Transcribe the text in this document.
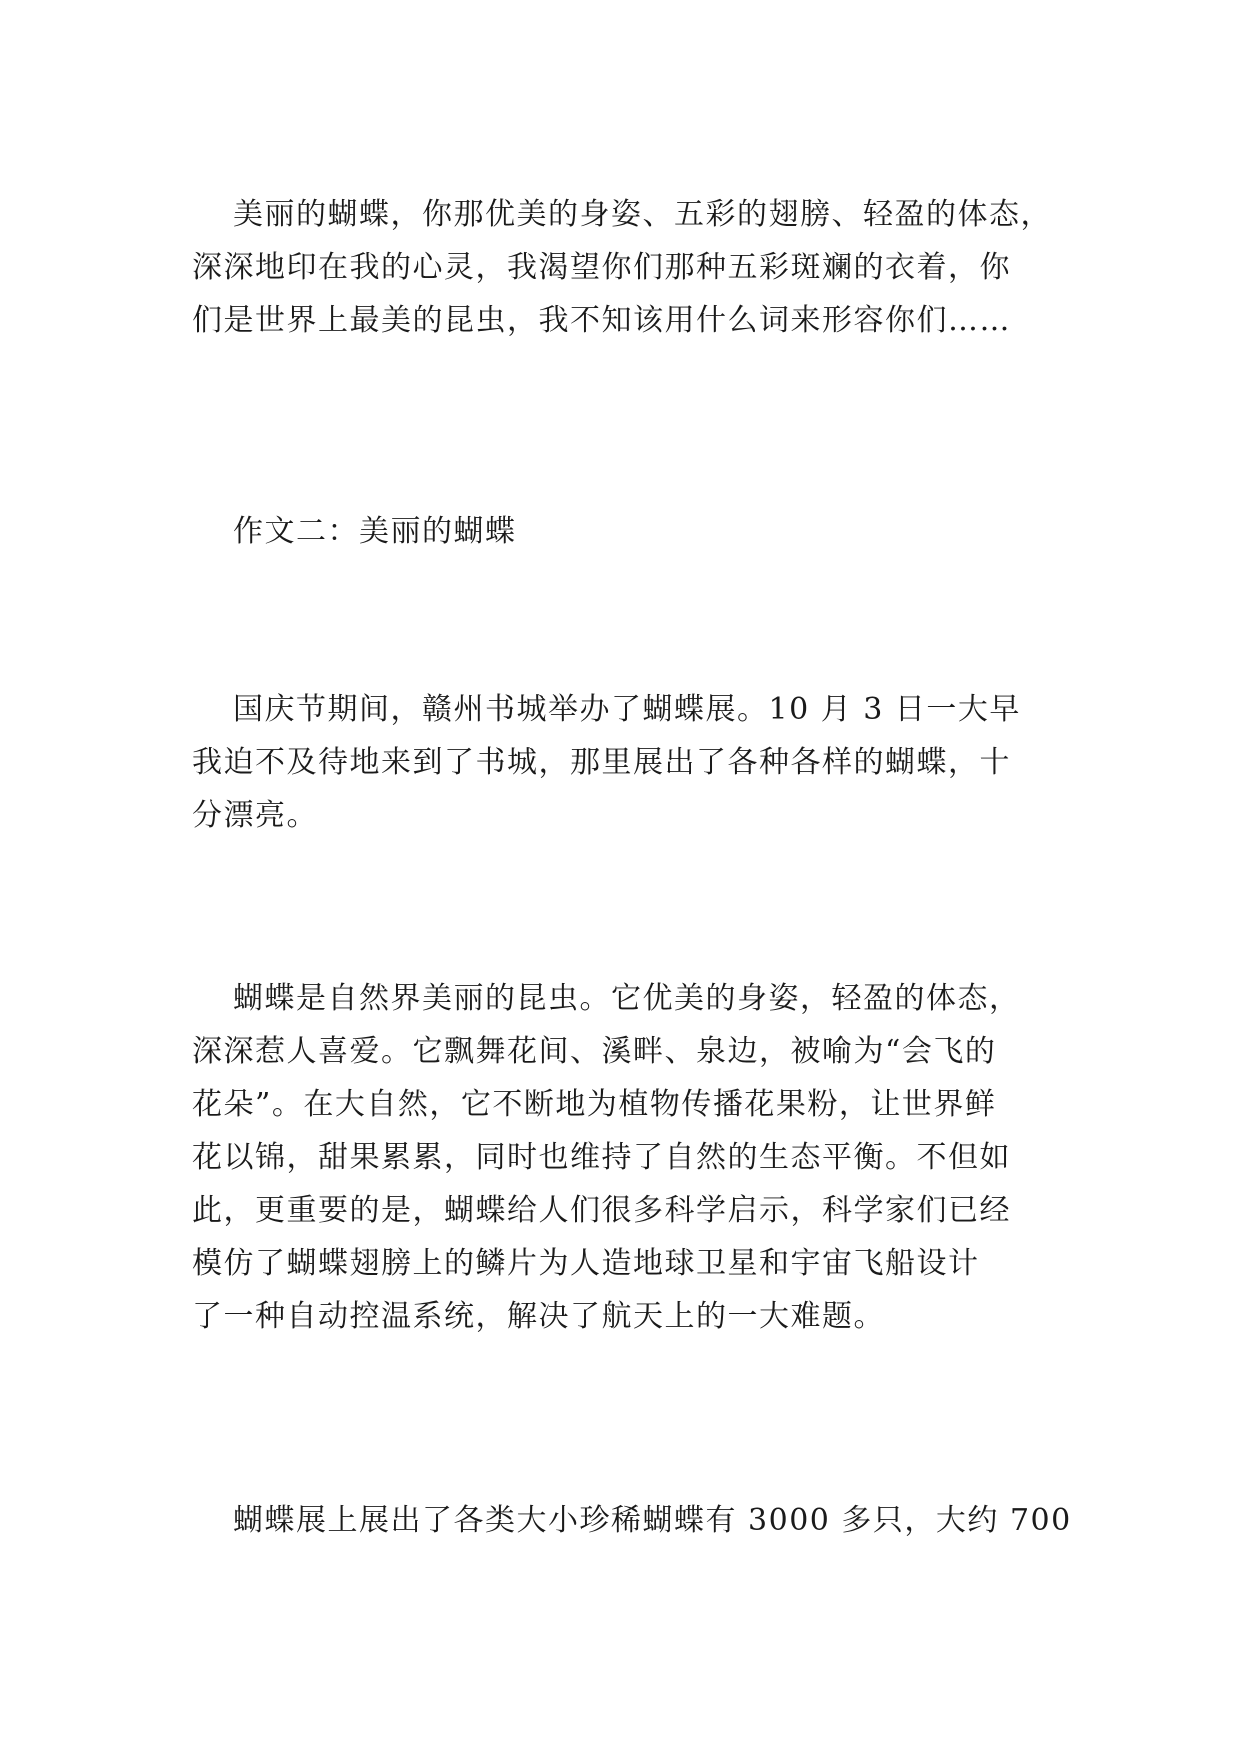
美丽的蝴蝶，你那优美的身姿、五彩的翅膀、轻盈的体态，
深深地印在我的心灵，我渴望你们那种五彩斑斓的衣着，你
们是世界上最美的昆虫，我不知该用什么词来形容你们……

作文二：美丽的蝴蝶

国庆节期间，赣州书城举办了蝴蝶展。10 月 3 日一大早
我迫不及待地来到了书城，那里展出了各种各样的蝴蝶，十
分漂亮。

蝴蝶是自然界美丽的昆虫。它优美的身姿，轻盈的体态，
深深惹人喜爱。它飘舞花间、溪畔、泉边，被喻为“会飞的
花朵”。在大自然，它不断地为植物传播花果粉，让世界鲜
花以锦，甜果累累，同时也维持了自然的生态平衡。不但如
此，更重要的是，蝴蝶给人们很多科学启示，科学家们已经
模仿了蝴蝶翅膀上的鳞片为人造地球卫星和宇宙飞船设计
了一种自动控温系统，解决了航天上的一大难题。

蝴蝶展上展出了各类大小珍稀蝴蝶有 3000 多只，大约 700
